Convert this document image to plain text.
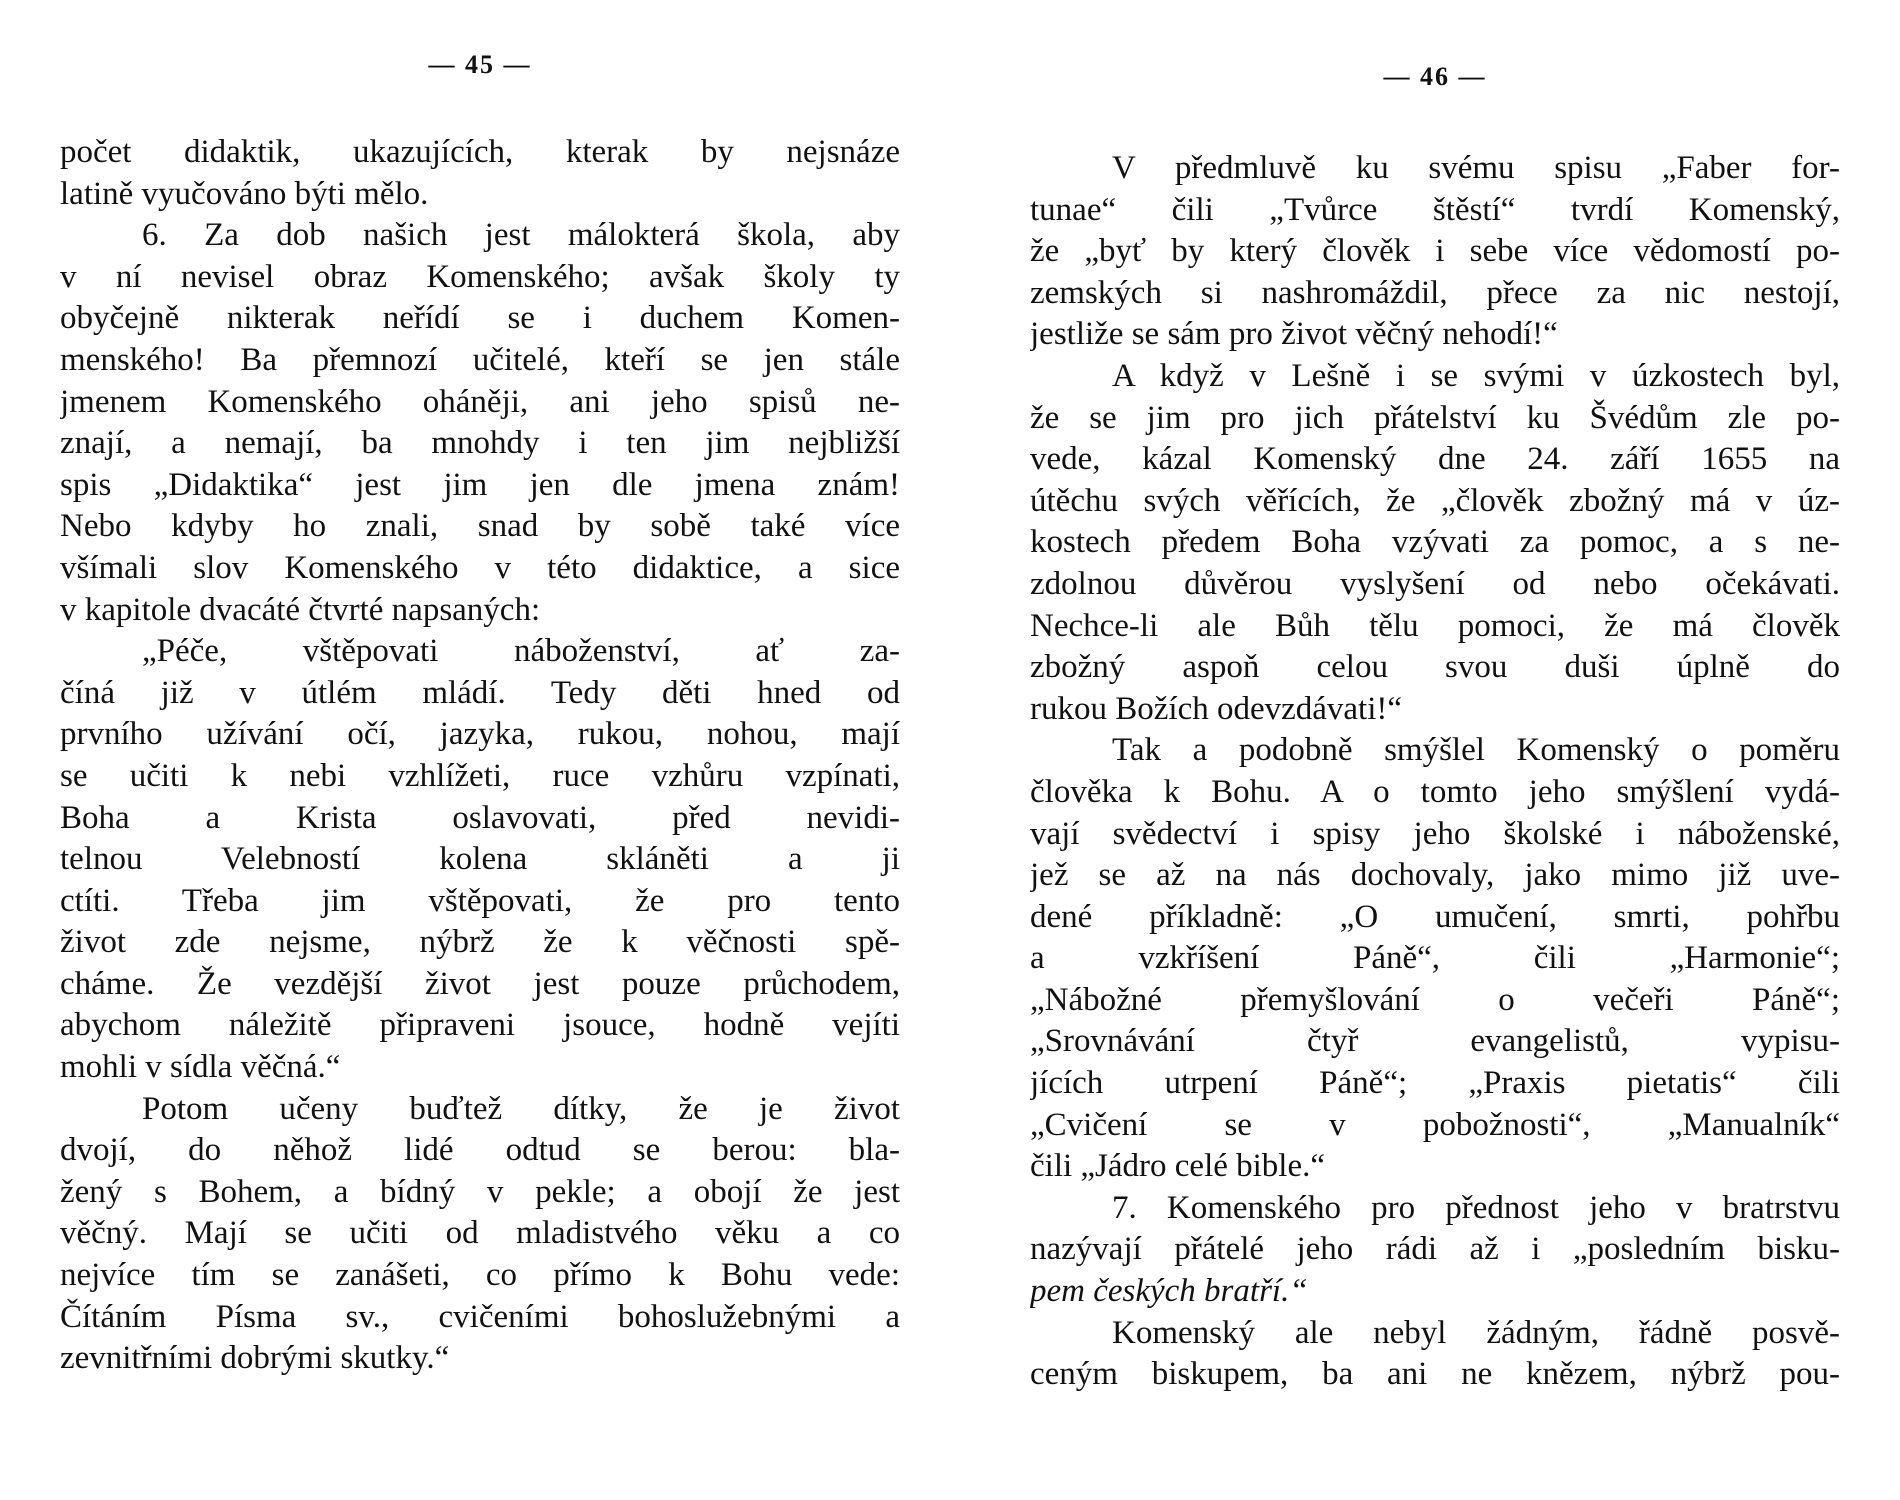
— 45 —
počet didaktik, ukazujících, kterak by nejsnáze
latině vyučováno býti mělo.
6. Za dob našich jest málokterá škola, aby
v ní nevisel obraz Komenského; avšak školy ty
obyčejně nikterak neřídí se i duchem Komen-
menského! Ba přemnozí učitelé, kteří se jen stále
jmenem Komenského oháněji, ani jeho spisů ne-
znají, a nemají, ba mnohdy i ten jim nejbližší
spis „Didaktika“ jest jim jen dle jmena znám!
Nebo kdyby ho znali, snad by sobě také více
všímali slov Komenského v této didaktice, a sice
v kapitole dvacáté čtvrté napsaných:
„Péče, vštěpovati náboženství, ať za-
číná již v útlém mládí. Tedy děti hned od
prvního užívání očí, jazyka, rukou, nohou, mají
se učiti k nebi vzhlížeti, ruce vzhůru vzpínati,
Boha a Krista oslavovati, před nevidi-
telnou Velebností kolena skláněti a ji
ctíti. Třeba jim vštěpovati, že pro tento
život zde nejsme, nýbrž že k věčnosti spě-
cháme. Že vezdější život jest pouze průchodem,
abychom náležitě připraveni jsouce, hodně vejíti
mohli v sídla věčná.“
Potom učeny buďtež dítky, že je život
dvojí, do něhož lidé odtud se berou: bla-
žený s Bohem, a bídný v pekle; a obojí že jest
věčný. Mají se učiti od mladistvého věku a co
nejvíce tím se zanášeti, co přímo k Bohu vede:
Čítáním Písma sv., cvičeními bohoslužebnými a
zevnitřními dobrými skutky.“
— 46 —
V předmluvě ku svému spisu „Faber for-
tunae“ čili „Tvůrce štěstí“ tvrdí Komenský,
že „byť by který člověk i sebe více vědomostí po-
zemských si nashromáždil, přece za nic nestojí,
jestliže se sám pro život věčný nehodí!“
A když v Lešně i se svými v úzkostech byl,
že se jim pro jich přátelství ku Švédům zle po-
vede, kázal Komenský dne 24. září 1655 na
útěchu svých věřících, že „člověk zbožný má v úz-
kostech předem Boha vzývati za pomoc, a s ne-
zdolnou důvěrou vyslyšení od nebo očekávati.
Nechce-li ale Bůh tělu pomoci, že má člověk
zbožný aspoň celou svou duši úplně do
rukou Božích odevzdávati!“
Tak a podobně smýšlel Komenský o poměru
člověka k Bohu. A o tomto jeho smýšlení vydá-
vají svědectví i spisy jeho školské i náboženské,
jež se až na nás dochovaly, jako mimo již uve-
dené příkladně: „O umučení, smrti, pohřbu
a vzkříšení Páně“, čili „Harmonie“;
„Nábožné přemyšlování o večeři Páně“;
„Srovnávání čtyř evangelistů, vypisu-
jících utrpení Páně“; „Praxis pietatis“ čili
„Cvičení se v pobožnosti“, „Manualník“
čili „Jádro celé bible.“
7. Komenského pro přednost jeho v bratrstvu
nazývají přátelé jeho rádi až i „posledním bisku-
pem českých bratří.“
Komenský ale nebyl žádným, řádně posvě-
ceným biskupem, ba ani ne knězem, nýbrž pou-
